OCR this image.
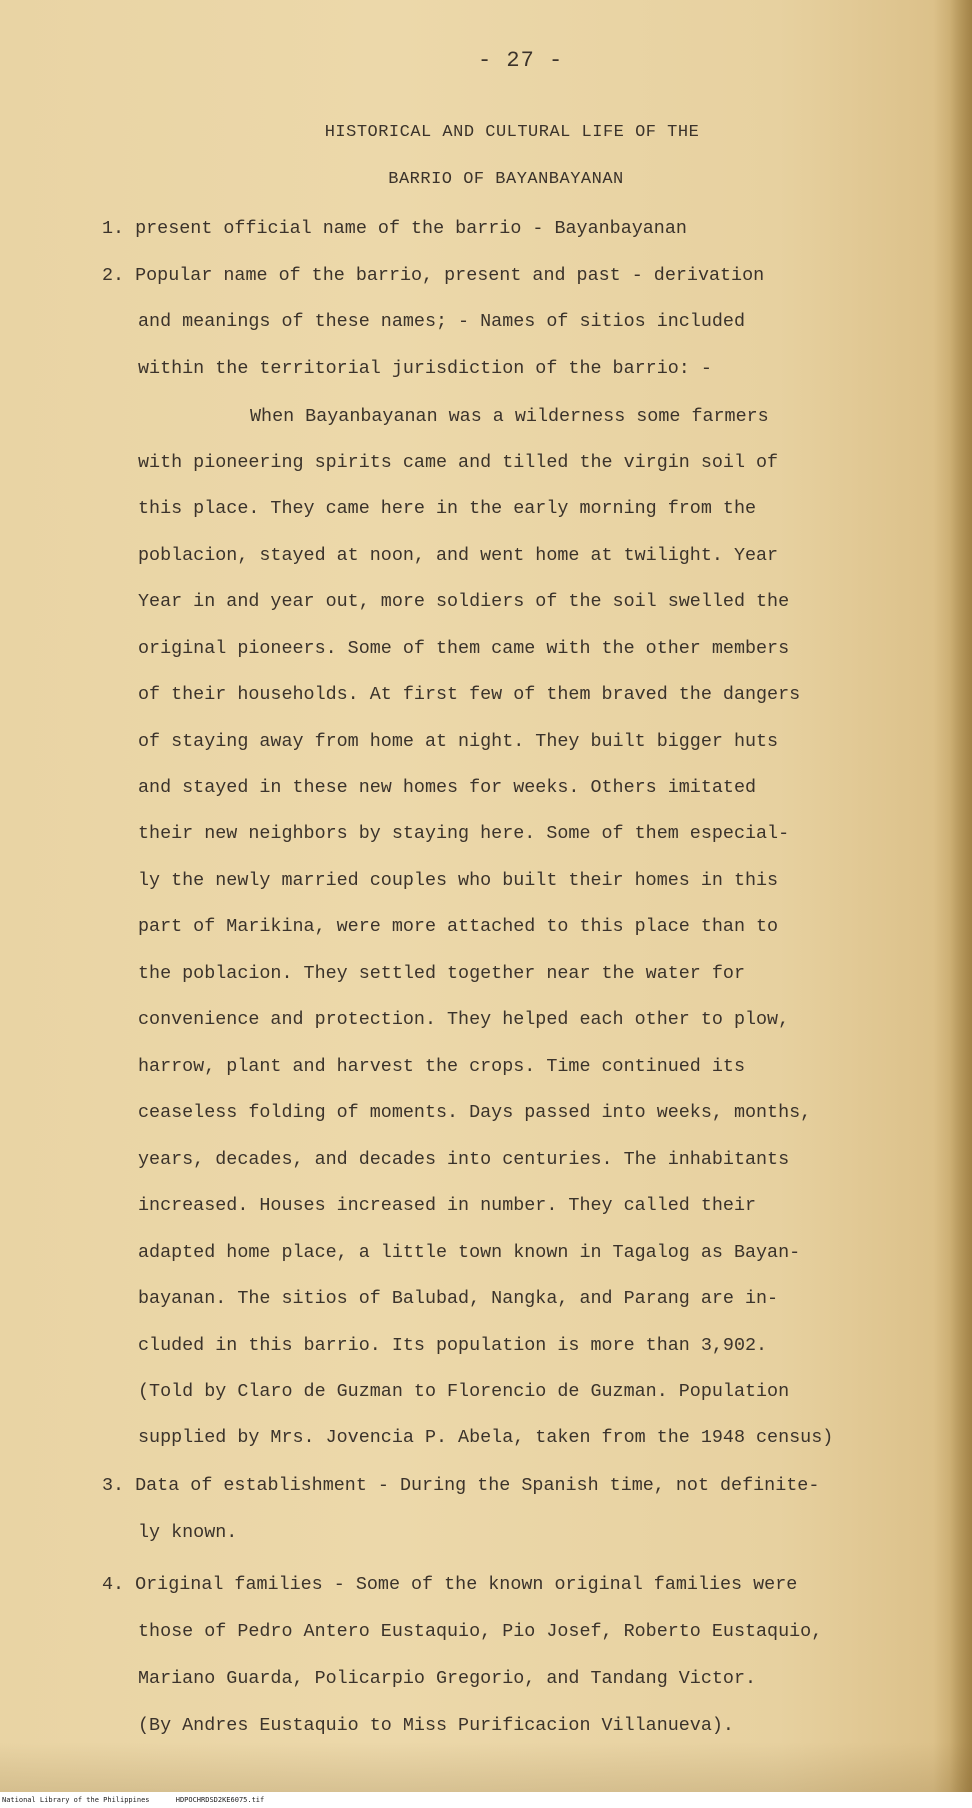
- 27 -
HISTORICAL AND CULTURAL LIFE OF THE
BARRIO OF BAYANBAYANAN
1. present official name of the barrio - Bayanbayanan
2. Popular name of the barrio, present and past - derivation
and meanings of these names; - Names of sitios included
within the territorial jurisdiction of the barrio: -
When Bayanbayanan was a wilderness some farmers
with pioneering spirits came and tilled the virgin soil of
this place. They came here in the early morning from the
poblacion, stayed at noon, and went home at twilight. Year
Year in and year out, more soldiers of the soil swelled the
original pioneers. Some of them came with the other members
of their households. At first few of them braved the dangers
of staying away from home at night. They built bigger huts
and stayed in these new homes for weeks. Others imitated
their new neighbors by staying here. Some of them especial-
ly the newly married couples who built their homes in this
part of Marikina, were more attached to this place than to
the poblacion. They settled together near the water for
convenience and protection. They helped each other to plow,
harrow, plant and harvest the crops. Time continued its
ceaseless folding of moments. Days passed into weeks, months,
years, decades, and decades into centuries. The inhabitants
increased. Houses increased in number. They called their
adapted home place, a little town known in Tagalog as Bayan-
bayanan. The sitios of Balubad, Nangka, and Parang are in-
cluded in this barrio. Its population is more than 3,902.
(Told by Claro de Guzman to Florencio de Guzman. Population
supplied by Mrs. Jovencia P. Abela, taken from the 1948 census)
3. Data of establishment - During the Spanish time, not definite-
ly known.
4. Original families - Some of the known original families were
those of Pedro Antero Eustaquio, Pio Josef, Roberto Eustaquio,
Mariano Guarda, Policarpio Gregorio, and Tandang Victor.
(By Andres Eustaquio to Miss Purificacion Villanueva).
National Library of the Philippines	HDPOCHRDSD2KE6075.tif
